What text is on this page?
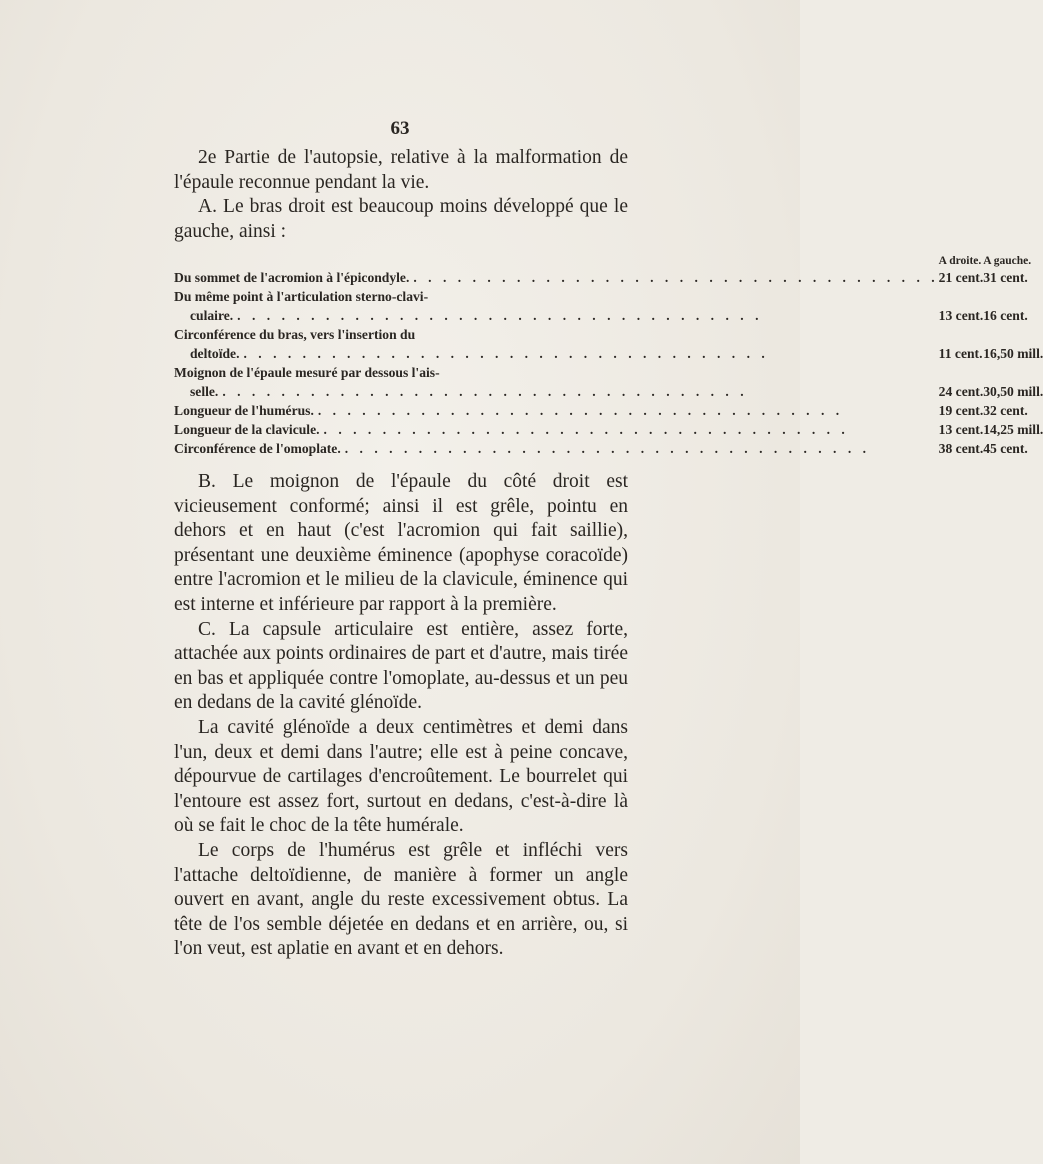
63

2e Partie de l'autopsie, relative à la malformation de l'épaule reconnue pendant la vie.

A. Le bras droit est beaucoup moins développé que le gauche, ainsi :

	A droite.	A gauche.

Du sommet de l'acromion à l'épicondyle.
. . .	21 cent.	31 cent.
Du même point à l'articulation sterno-clavi-		

culaire.
. . .	13 cent.	16 cent.
Circonférence du bras, vers l'insertion du		

deltoïde.
. . .	11 cent.	16,50 mill.
Moignon de l'épaule mesuré par dessous l'ais-		

selle.
. . .	24 cent.	30,50 mill.

Longueur de l'humérus.
. . .	19 cent.	32 cent.

Longueur de la clavicule.
. . .	13 cent.	14,25 mill.

Circonférence de l'omoplate.
. . .	38 cent.	45 cent.

B. Le moignon de l'épaule du côté droit est vicieusement conformé; ainsi il est grêle, pointu en dehors et en haut (c'est l'acromion qui fait saillie), présentant une deuxième éminence (apophyse coracoïde) entre l'acromion et le milieu de la clavicule, éminence qui est interne et inférieure par rapport à la première.

C. La capsule articulaire est entière, assez forte, attachée aux points ordinaires de part et d'autre, mais tirée en bas et appliquée contre l'omoplate, au-dessus et un peu en dedans de la cavité glénoïde.

La cavité glénoïde a deux centimètres et demi dans l'un, deux et demi dans l'autre; elle est à peine concave, dépourvue de cartilages d'encroûtement. Le bourrelet qui l'entoure est assez fort, surtout en dedans, c'est-à-dire là où se fait le choc de la tête humérale.

Le corps de l'humérus est grêle et infléchi vers l'attache deltoïdienne, de manière à former un angle ouvert en avant, angle du reste excessivement obtus. La tête de l'os semble déjetée en dedans et en arrière, ou, si l'on veut, est aplatie en avant et en dehors.
